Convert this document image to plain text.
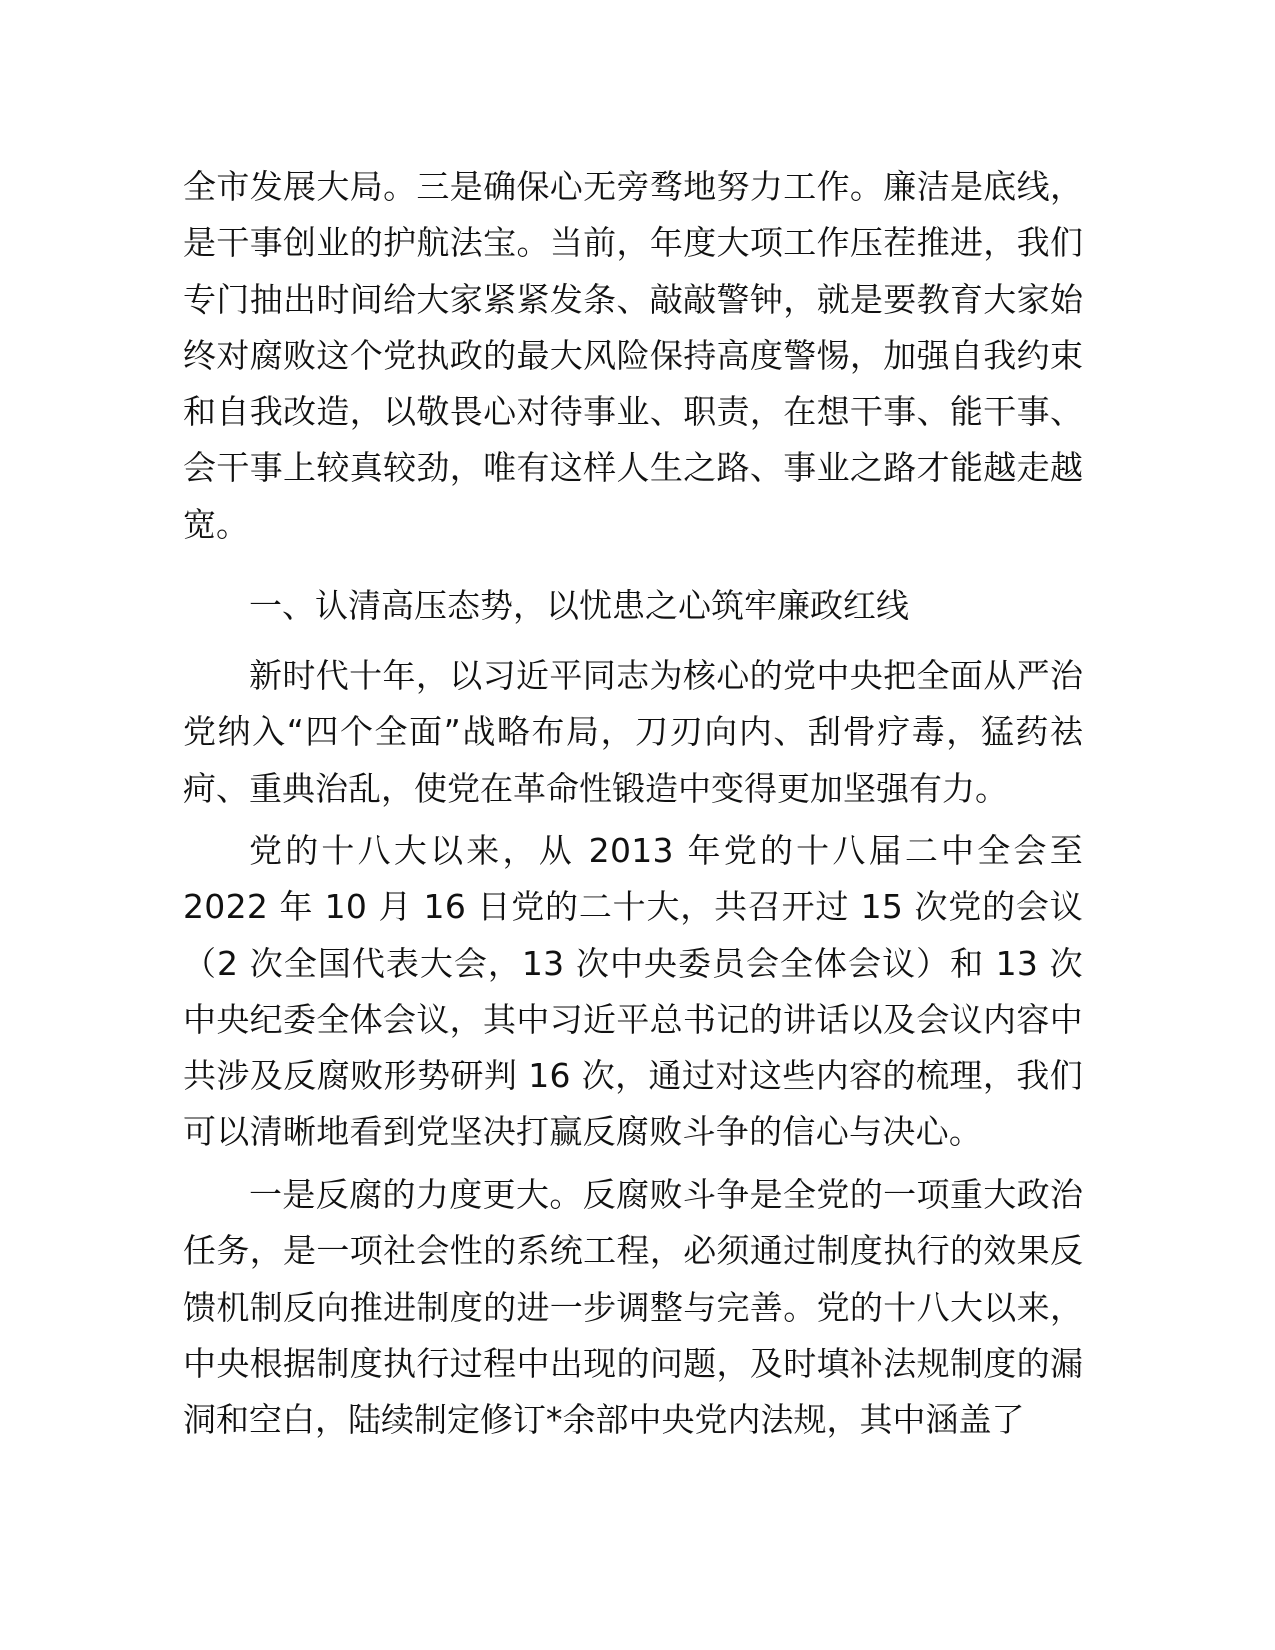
全市发展大局。三是确保心无旁骛地努力工作。廉洁是底线，是干事创业的护航法宝。当前，年度大项工作压茬推进，我们专门抽出时间给大家紧紧发条、敲敲警钟，就是要教育大家始终对腐败这个党执政的最大风险保持高度警惕，加强自我约束和自我改造，以敬畏心对待事业、职责，在想干事、能干事、会干事上较真较劲，唯有这样人生之路、事业之路才能越走越宽。

一、认清高压态势，以忧患之心筑牢廉政红线

新时代十年，以习近平同志为核心的党中央把全面从严治党纳入“四个全面”战略布局，刀刃向内、刮骨疗毒，猛药祛疴、重典治乱，使党在革命性锻造中变得更加坚强有力。

党的十八大以来，从 2013 年党的十八届二中全会至 2022 年 10 月 16 日党的二十大，共召开过 15 次党的会议（2 次全国代表大会，13 次中央委员会全体会议）和 13 次中央纪委全体会议，其中习近平总书记的讲话以及会议内容中共涉及反腐败形势研判 16 次，通过对这些内容的梳理，我们可以清晰地看到党坚决打赢反腐败斗争的信心与决心。

一是反腐的力度更大。反腐败斗争是全党的一项重大政治任务，是一项社会性的系统工程，必须通过制度执行的效果反馈机制反向推进制度的进一步调整与完善。党的十八大以来，中央根据制度执行过程中出现的问题，及时填补法规制度的漏洞和空白，陆续制定修订*余部中央党内法规，其中涵盖了
